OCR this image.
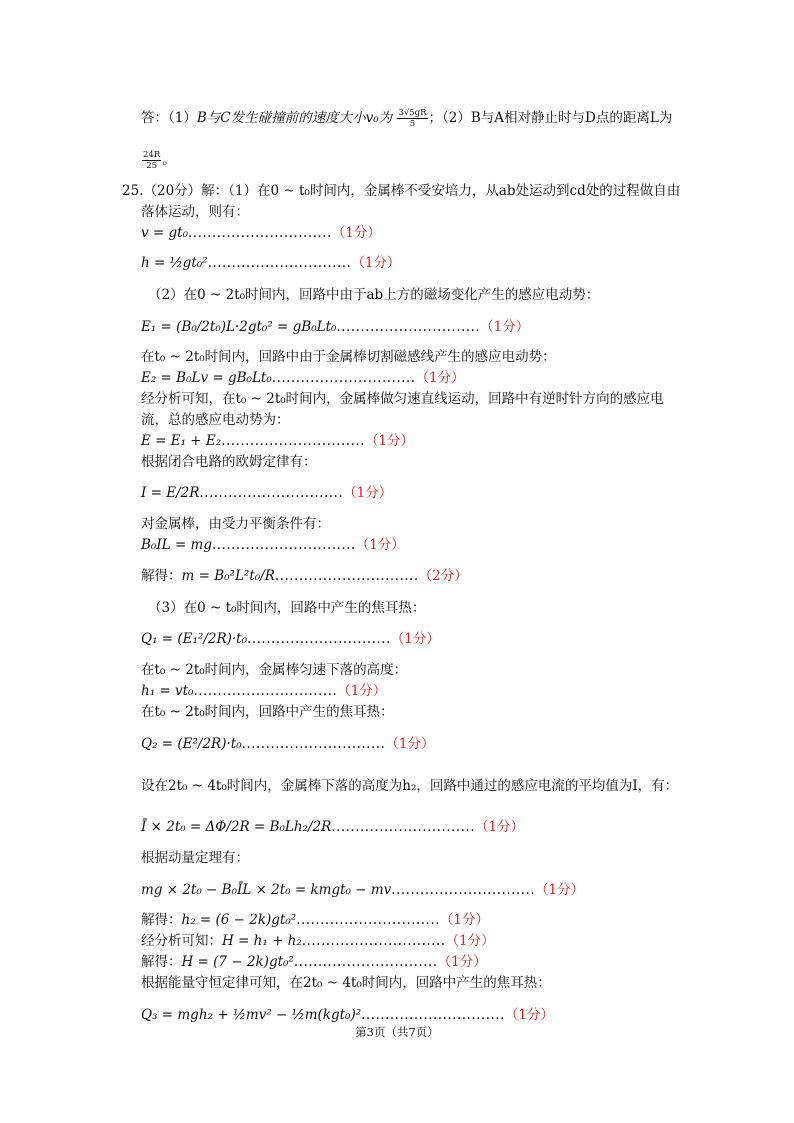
答：（1）B与C发生碰撞前的速度大小v₀为 $\frac{3√5gR}{5}$ ；（2）B与A相对静止时与D点的距离L为
$\frac{24R}{25}$ 。
25.（20分）解：（1）在0 ~ t₀时间内，金属棒不受安培力，从ab处运动到cd处的过程做自由
落体运动，则有：
v = gt₀..............................（1分）
h = ½gt₀²..............................（1分）
（2）在0 ~ 2t₀时间内，回路中由于ab上方的磁场变化产生的感应电动势：
E₁ = (B₀/2t₀)L·2gt₀² = gB₀Lt₀..............................（1分）
在t₀ ~ 2t₀时间内，回路中由于金属棒切割磁感线产生的感应电动势：
E₂ = B₀Lv = gB₀Lt₀..............................（1分）
经分析可知，在t₀ ~ 2t₀时间内，金属棒做匀速直线运动，回路中有逆时针方向的感应电
流，总的感应电动势为：
E = E₁ + E₂..............................（1分）
根据闭合电路的欧姆定律有：
I = E/2R..............................（1分）
对金属棒，由受力平衡条件有：
B₀IL = mg..............................（1分）
解得：m = B₀²L²t₀/R..............................（2分）
（3）在0 ~ t₀时间内，回路中产生的焦耳热：
Q₁ = (E₁²/2R)·t₀..............................（1分）
在t₀ ~ 2t₀时间内，金属棒匀速下落的高度：
h₁ = vt₀..............................（1分）
在t₀ ~ 2t₀时间内，回路中产生的焦耳热：
Q₂ = (E²/2R)·t₀..............................（1分）
设在2t₀ ~ 4t₀时间内，金属棒下落的高度为h₂，回路中通过的感应电流的平均值为I，有：
Ī × 2t₀ = ΔΦ/2R = B₀Lh₂/2R..............................（1分）
根据动量定理有：
mg × 2t₀ − B₀ĪL × 2t₀ = kmgt₀ − mv..............................（1分）
解得：h₂ = (6 − 2k)gt₀²..............................（1分）
经分析可知：H = h₁ + h₂..............................（1分）
解得：H = (7 − 2k)gt₀²..............................（1分）
根据能量守恒定律可知，在2t₀ ~ 4t₀时间内，回路中产生的焦耳热：
Q₃ = mgh₂ + ½mv² − ½m(kgt₀)²..............................（1分）
第3页（共7页）
